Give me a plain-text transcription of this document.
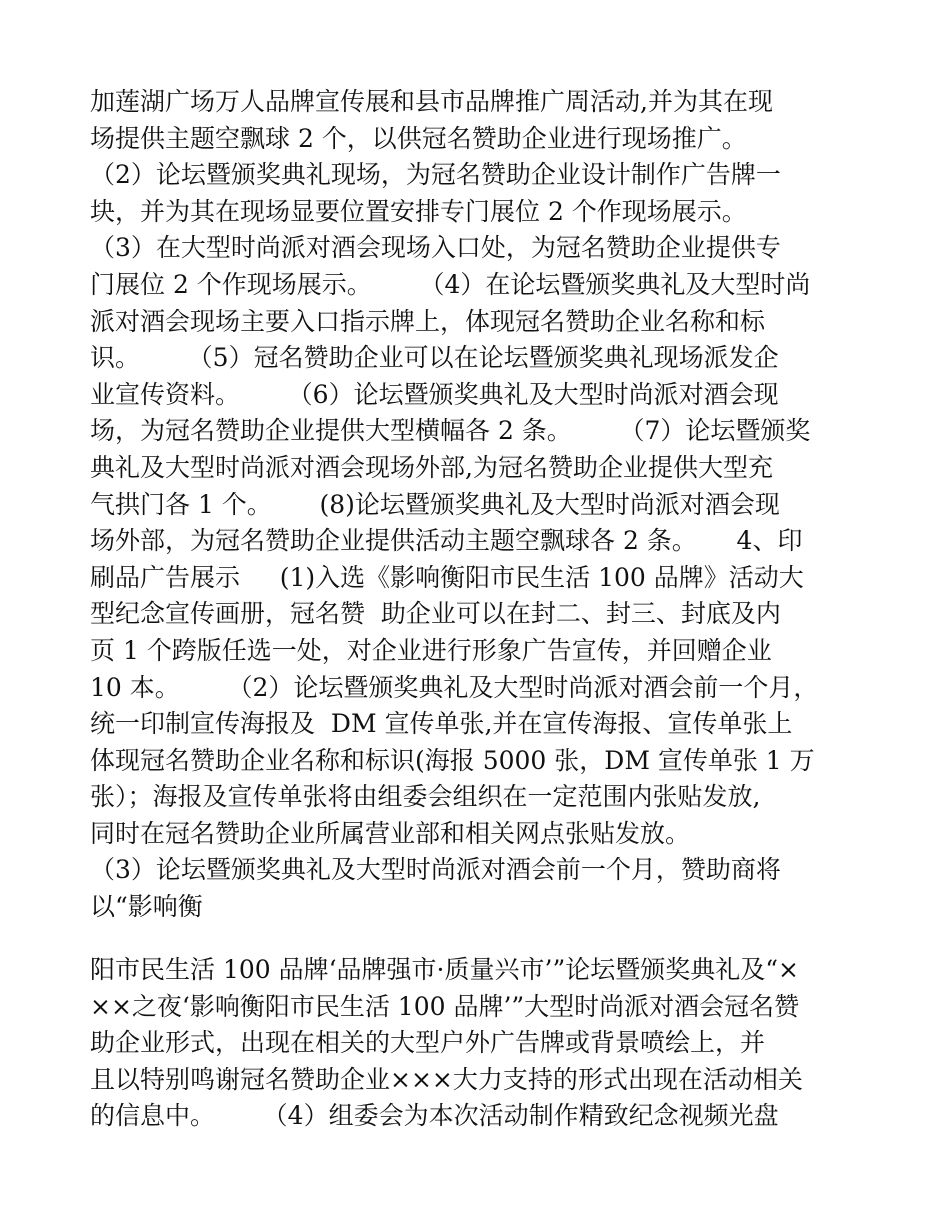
加莲湖广场万人品牌宣传展和县市品牌推广周活动,并为其在现
场提供主题空飘球 2 个，以供冠名赞助企业进行现场推广。
（2）论坛暨颁奖典礼现场，为冠名赞助企业设计制作广告牌一
块，并为其在现场显要位置安排专门展位 2 个作现场展示。
（3）在大型时尚派对酒会现场入口处，为冠名赞助企业提供专
门展位 2 个作现场展示。      （4）在论坛暨颁奖典礼及大型时尚
派对酒会现场主要入口指示牌上，体现冠名赞助企业名称和标
识。      （5）冠名赞助企业可以在论坛暨颁奖典礼现场派发企
业宣传资料。      （6）论坛暨颁奖典礼及大型时尚派对酒会现
场，为冠名赞助企业提供大型横幅各 2 条。      （7）论坛暨颁奖
典礼及大型时尚派对酒会现场外部,为冠名赞助企业提供大型充
气拱门各 1 个。      (8)论坛暨颁奖典礼及大型时尚派对酒会现
场外部，为冠名赞助企业提供活动主题空飘球各 2 条。     4、印
刷品广告展示     (1)入选《影响衡阳市民生活 100 品牌》活动大
型纪念宣传画册，冠名赞  助企业可以在封二、封三、封底及内
页 1 个跨版任选一处，对企业进行形象广告宣传，并回赠企业
10 本。      （2）论坛暨颁奖典礼及大型时尚派对酒会前一个月，
统一印制宣传海报及  DM 宣传单张,并在宣传海报、宣传单张上
体现冠名赞助企业名称和标识(海报 5000 张，DM 宣传单张 1 万
张）；海报及宣传单张将由组委会组织在一定范围内张贴发放,
同时在冠名赞助企业所属营业部和相关网点张贴发放。
（3）论坛暨颁奖典礼及大型时尚派对酒会前一个月，赞助商将
以“影响衡
阳市民生活 100 品牌‘品牌强市·质量兴市’”论坛暨颁奖典礼及“×
××之夜‘影响衡阳市民生活 100 品牌’”大型时尚派对酒会冠名赞
助企业形式，出现在相关的大型户外广告牌或背景喷绘上，并
且以特别鸣谢冠名赞助企业×××大力支持的形式出现在活动相关
的信息中。      （4）组委会为本次活动制作精致纪念视频光盘
